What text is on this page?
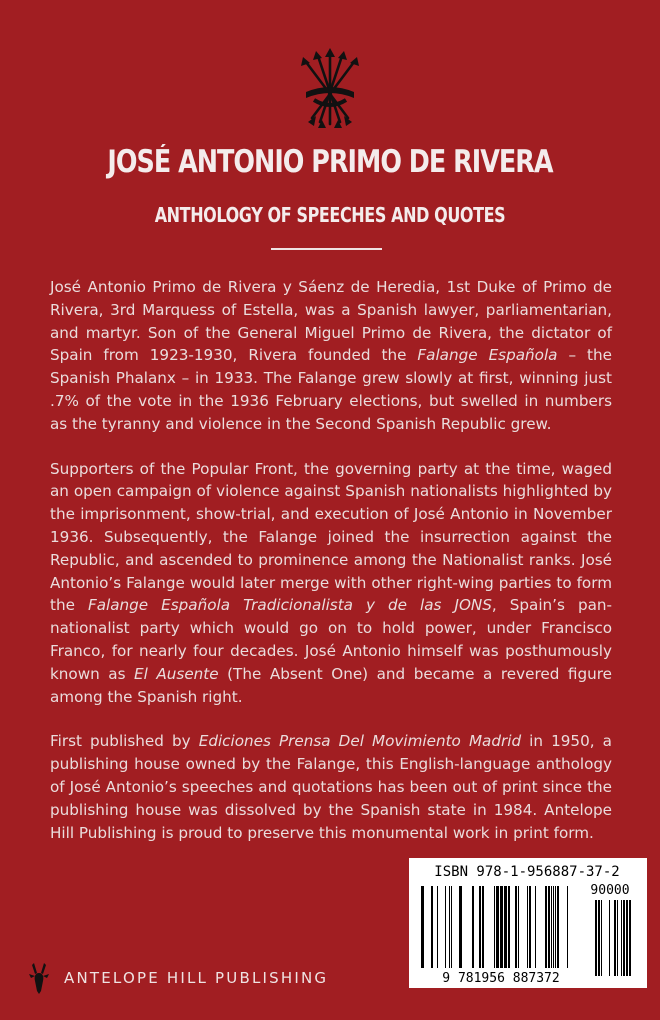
JOSÉ ANTONIO PRIMO DE RIVERA
ANTHOLOGY OF SPEECHES AND QUOTES

José Antonio Primo de Rivera y Sáenz de Heredia, 1st Duke of Primo de Rivera, 3rd Marquess of Estella, was a Spanish lawyer, parliamentarian, and martyr. Son of the General Miguel Primo de Rivera, the dictator of Spain from 1923-1930, Rivera founded the Falange Española – the Spanish Phalanx – in 1933. The Falange grew slowly at first, winning just .7% of the vote in the 1936 February elections, but swelled in numbers as the tyranny and violence in the Second Spanish Republic grew.

Supporters of the Popular Front, the governing party at the time, waged an open campaign of violence against Spanish nationalists highlighted by the imprisonment, show-trial, and execution of José Antonio in November 1936. Subsequently, the Falange joined the insurrection against the Republic, and ascended to prominence among the Nationalist ranks. José Antonio’s Falange would later merge with other right-wing parties to form the Falange Española Tradicionalista y de las JONS, Spain’s pan-nationalist party which would go on to hold power, under Francisco Franco, for nearly four decades. José Antonio himself was posthumously known as El Ausente (The Absent One) and became a revered figure among the Spanish right.

First published by Ediciones Prensa Del Movimiento Madrid in 1950, a publishing house owned by the Falange, this English-language anthology of José Antonio’s speeches and quotations has been out of print since the publishing house was dissolved by the Spanish state in 1984. Antelope Hill Publishing is proud to preserve this monumental work in print form.

ISBN 978-1-956887-37-2
90000
9 781956 887372
ANTELOPE HILL PUBLISHING
